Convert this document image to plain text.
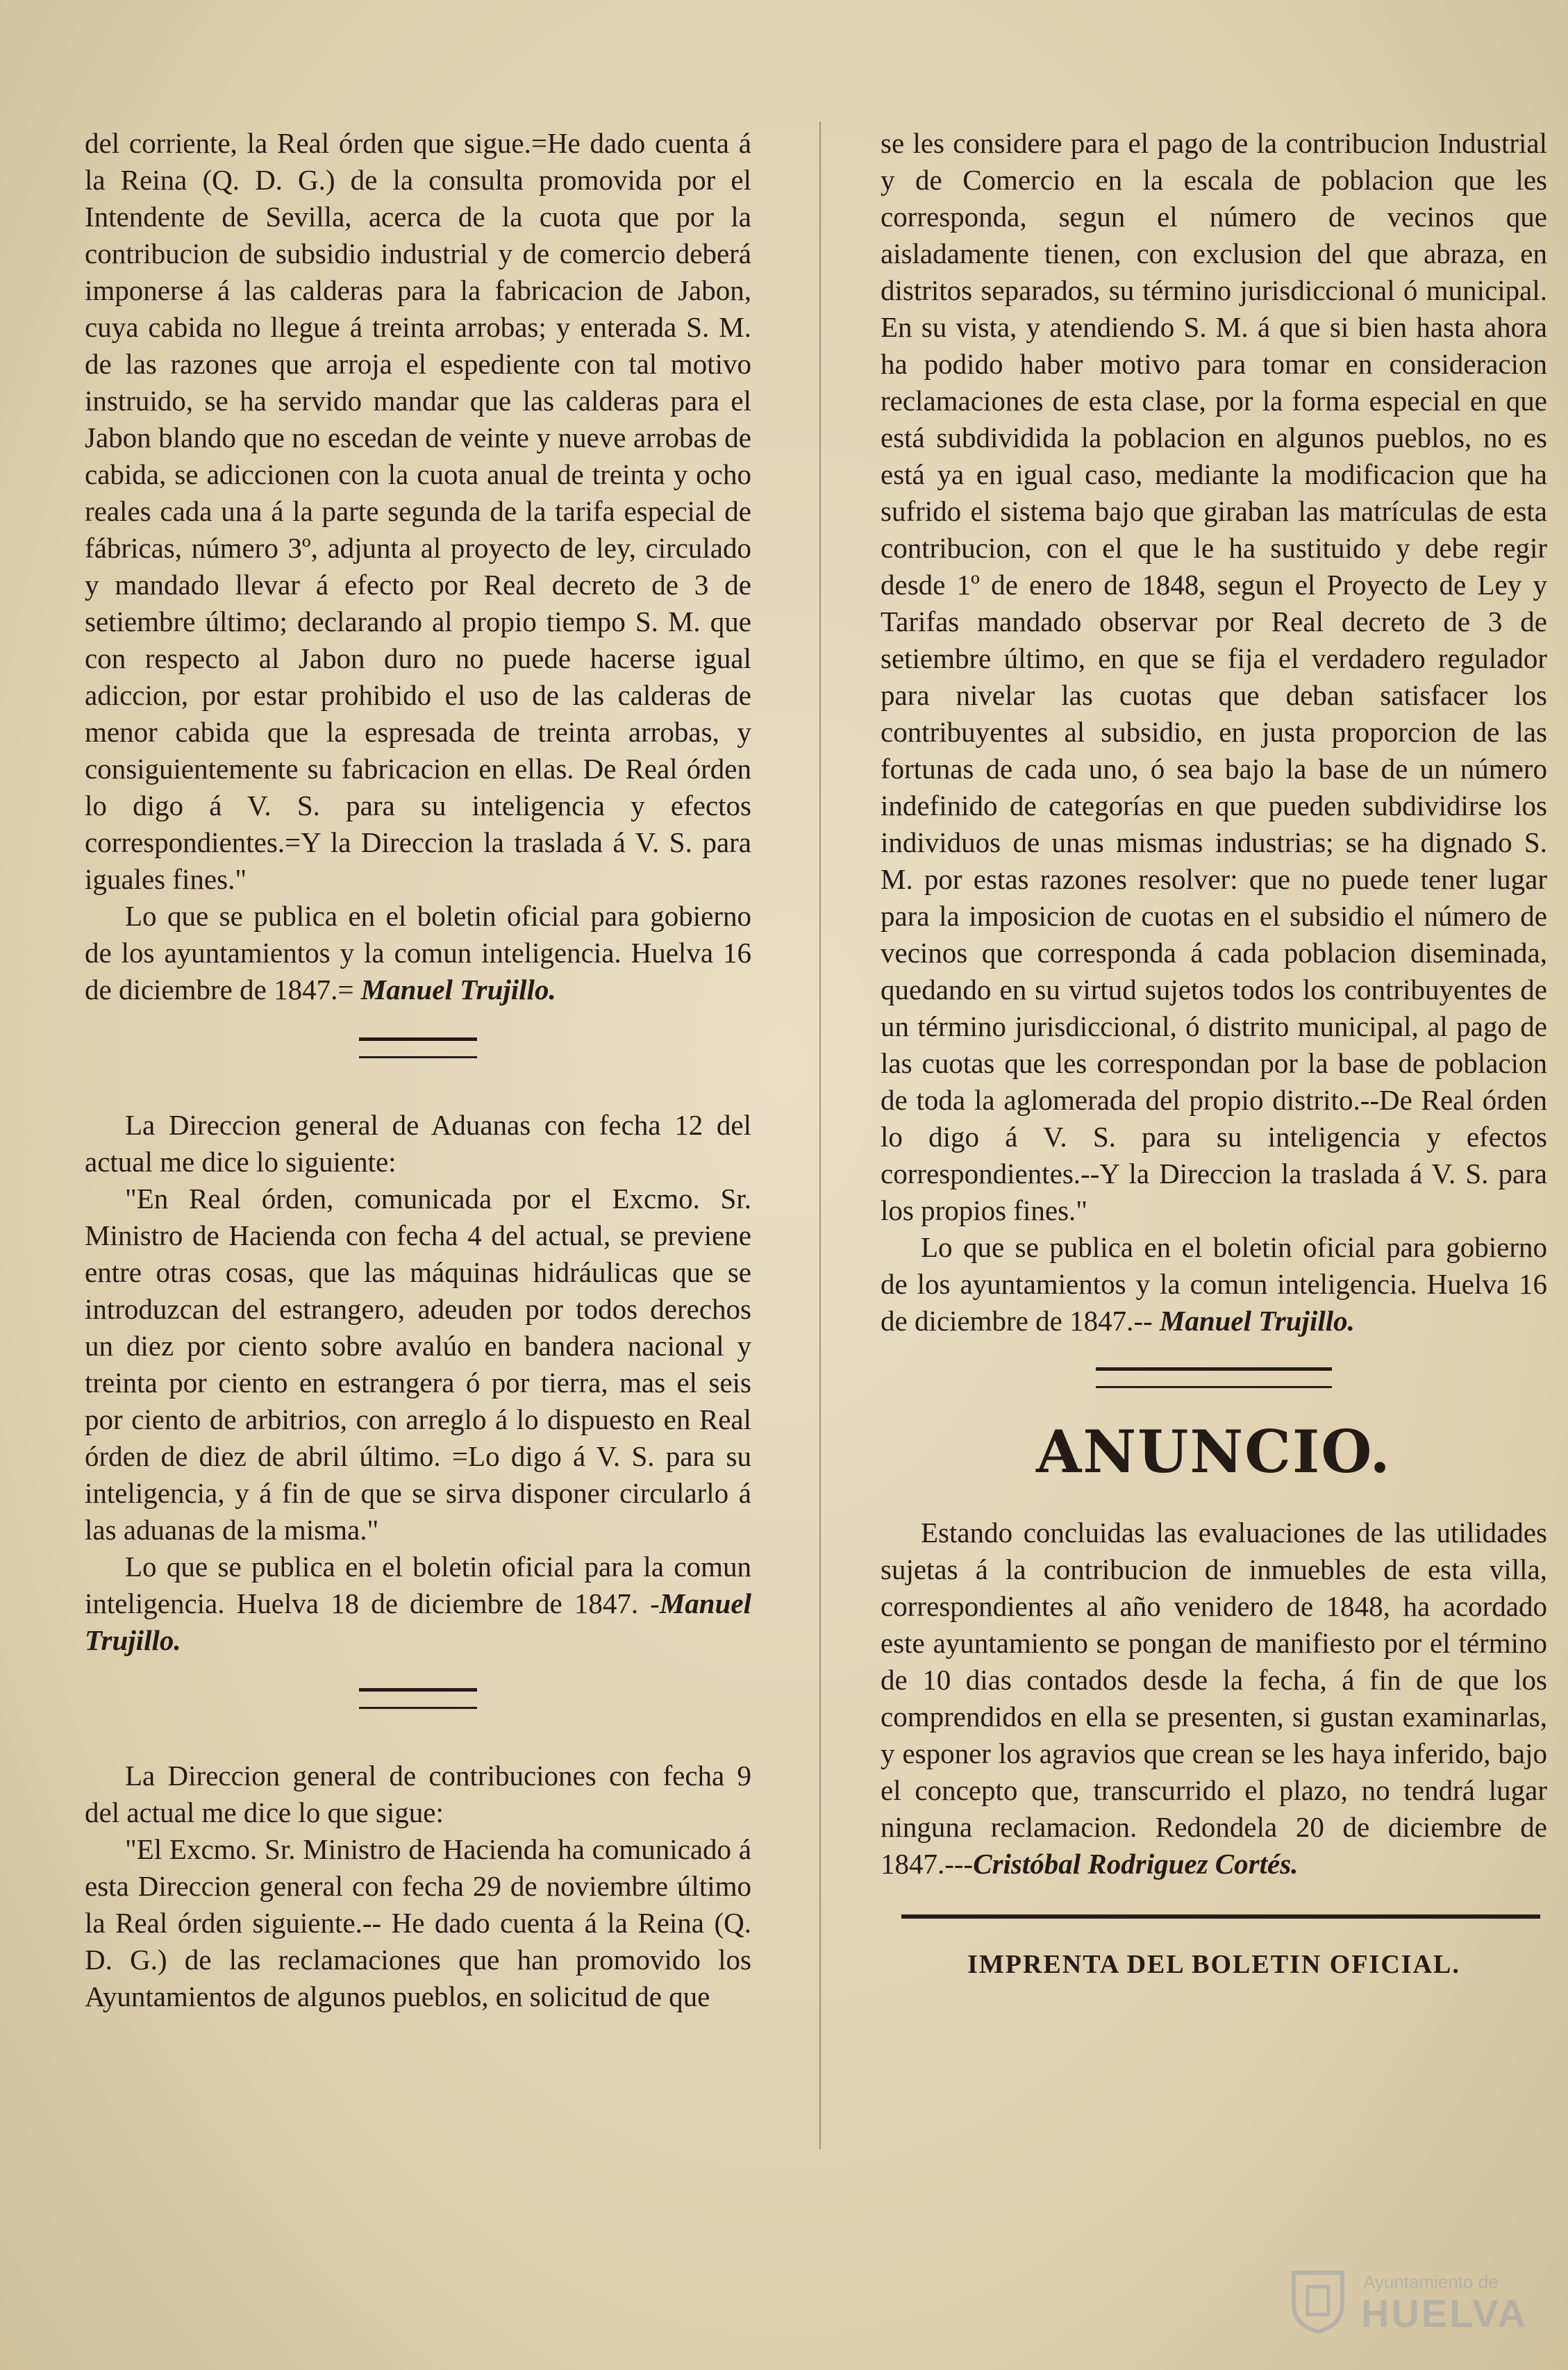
del corriente, la Real órden que sigue.=He dado cuenta á la Reina (Q. D. G.) de la consulta promovida por el Intendente de Sevilla, acerca de la cuota que por la contribucion de subsidio industrial y de comercio deberá imponerse á las calderas para la fabricacion de Jabon, cuya cabida no llegue á treinta arrobas; y enterada S. M. de las razones que arroja el espediente con tal motivo instruido, se ha servido mandar que las calderas para el Jabon blando que no escedan de veinte y nueve arrobas de cabida, se adiccionen con la cuota anual de treinta y ocho reales cada una á la parte segunda de la tarifa especial de fábricas, número 3º, adjunta al proyecto de ley, circulado y mandado llevar á efecto por Real decreto de 3 de setiembre último; declarando al propio tiempo S. M. que con respecto al Jabon duro no puede hacerse igual adiccion, por estar prohibido el uso de las calderas de menor cabida que la espresada de treinta arrobas, y consiguientemente su fabricacion en ellas. De Real órden lo digo á V. S. para su inteligencia y efectos correspondientes.=Y la Direccion la traslada á V. S. para iguales fines."

Lo que se publica en el boletin oficial para gobierno de los ayuntamientos y la comun inteligencia. Huelva 16 de diciembre de 1847.= Manuel Trujillo.

La Direccion general de Aduanas con fecha 12 del actual me dice lo siguiente:

"En Real órden, comunicada por el Excmo. Sr. Ministro de Hacienda con fecha 4 del actual, se previene entre otras cosas, que las máquinas hidráulicas que se introduzcan del estrangero, adeuden por todos derechos un diez por ciento sobre avalúo en bandera nacional y treinta por ciento en estrangera ó por tierra, mas el seis por ciento de arbitrios, con arreglo á lo dispuesto en Real órden de diez de abril último. =Lo digo á V. S. para su inteligencia, y á fin de que se sirva disponer circularlo á las aduanas de la misma."

Lo que se publica en el boletin oficial para la comun inteligencia. Huelva 18 de diciembre de 1847. -Manuel Trujillo.

La Direccion general de contribuciones con fecha 9 del actual me dice lo que sigue:

"El Excmo. Sr. Ministro de Hacienda ha comunicado á esta Direccion general con fecha 29 de noviembre último la Real órden siguiente.-- He dado cuenta á la Reina (Q. D. G.) de las reclamaciones que han promovido los Ayuntamientos de algunos pueblos, en solicitud de que

se les considere para el pago de la contribucion Industrial y de Comercio en la escala de poblacion que les corresponda, segun el número de vecinos que aisladamente tienen, con exclusion del que abraza, en distritos separados, su término jurisdiccional ó municipal. En su vista, y atendiendo S. M. á que si bien hasta ahora ha podido haber motivo para tomar en consideracion reclamaciones de esta clase, por la forma especial en que está subdividida la poblacion en algunos pueblos, no es está ya en igual caso, mediante la modificacion que ha sufrido el sistema bajo que giraban las matrículas de esta contribucion, con el que le ha sustituido y debe regir desde 1º de enero de 1848, segun el Proyecto de Ley y Tarifas mandado observar por Real decreto de 3 de setiembre último, en que se fija el verdadero regulador para nivelar las cuotas que deban satisfacer los contribuyentes al subsidio, en justa proporcion de las fortunas de cada uno, ó sea bajo la base de un número indefinido de categorías en que pueden subdividirse los individuos de unas mismas industrias; se ha dignado S. M. por estas razones resolver: que no puede tener lugar para la imposicion de cuotas en el subsidio el número de vecinos que corresponda á cada poblacion diseminada, quedando en su virtud sujetos todos los contribuyentes de un término jurisdiccional, ó distrito municipal, al pago de las cuotas que les correspondan por la base de poblacion de toda la aglomerada del propio distrito.--De Real órden lo digo á V. S. para su inteligencia y efectos correspondientes.--Y la Direccion la traslada á V. S. para los propios fines."

Lo que se publica en el boletin oficial para gobierno de los ayuntamientos y la comun inteligencia. Huelva 16 de diciembre de 1847.-- Manuel Trujillo.

ANUNCIO.

Estando concluidas las evaluaciones de las utilidades sujetas á la contribucion de inmuebles de esta villa, correspondientes al año venidero de 1848, ha acordado este ayuntamiento se pongan de manifiesto por el término de 10 dias contados desde la fecha, á fin de que los comprendidos en ella se presenten, si gustan examinarlas, y esponer los agravios que crean se les haya inferido, bajo el concepto que, transcurrido el plazo, no tendrá lugar ninguna reclamacion. Redondela 20 de diciembre de 1847.---Cristóbal Rodriguez Cortés.

IMPRENTA DEL BOLETIN OFICIAL.
Ayuntamiento de
HUELVA
